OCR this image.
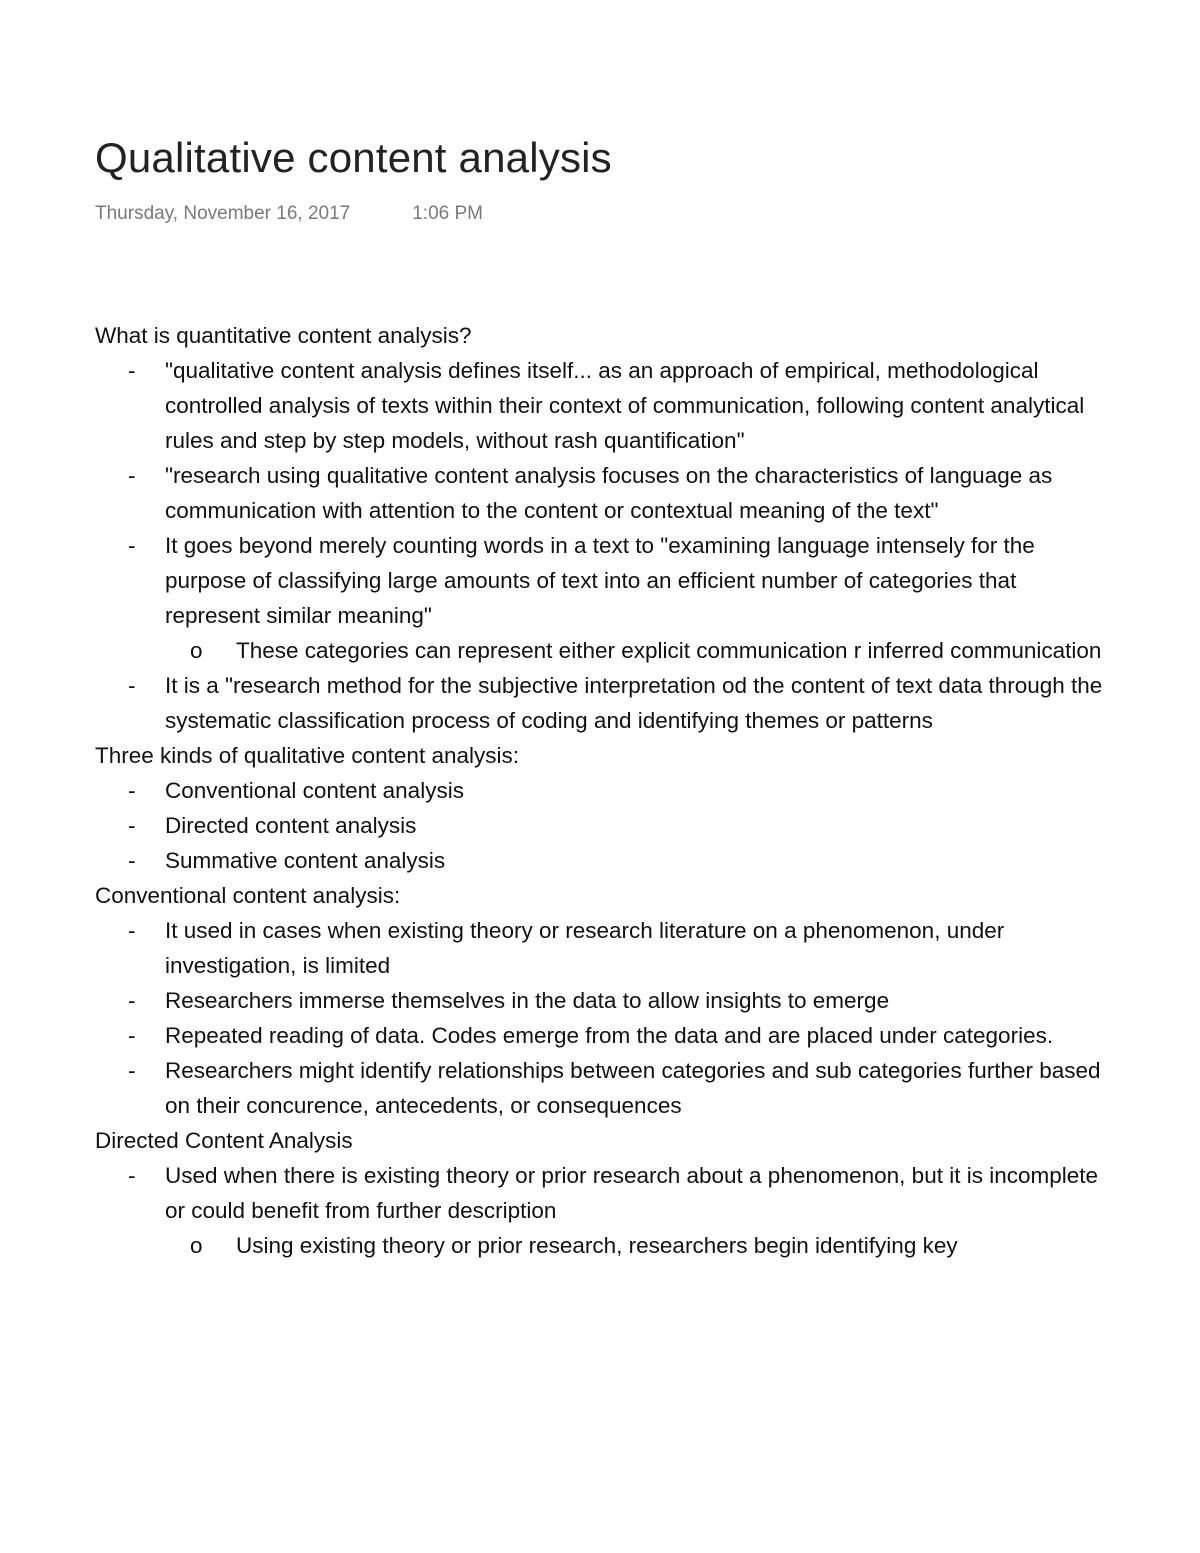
Qualitative content analysis
Thursday, November 16, 2017	1:06 PM
What is quantitative content analysis?
- "qualitative content analysis defines itself... as an approach of empirical, methodological controlled analysis of texts within their context of communication, following content analytical rules and step by step models, without rash quantification"
- "research using qualitative content analysis focuses on the characteristics of language as communication with attention to the content or contextual meaning of the text"
- It goes beyond merely counting words in a text to "examining language intensely for the purpose of classifying large amounts of text into an efficient number of categories that represent similar meaning"
o These categories can represent either explicit communication r inferred communication
- It is a "research method for the subjective interpretation od the content of text data through the systematic classification process of coding and identifying themes or patterns
Three kinds of qualitative content analysis:
- Conventional content analysis
- Directed content analysis
- Summative content analysis
Conventional content analysis:
- It used in cases when existing theory or research literature on a phenomenon, under investigation, is limited
- Researchers immerse themselves in the data to allow insights to emerge
- Repeated reading of data. Codes emerge from the data and are placed under categories.
- Researchers might identify relationships between categories and sub categories further based on their concurence, antecedents, or consequences
Directed Content Analysis
- Used when there is existing theory or prior research about a phenomenon, but it is incomplete or could benefit from further description
o Using existing theory or prior research, researchers begin identifying key
